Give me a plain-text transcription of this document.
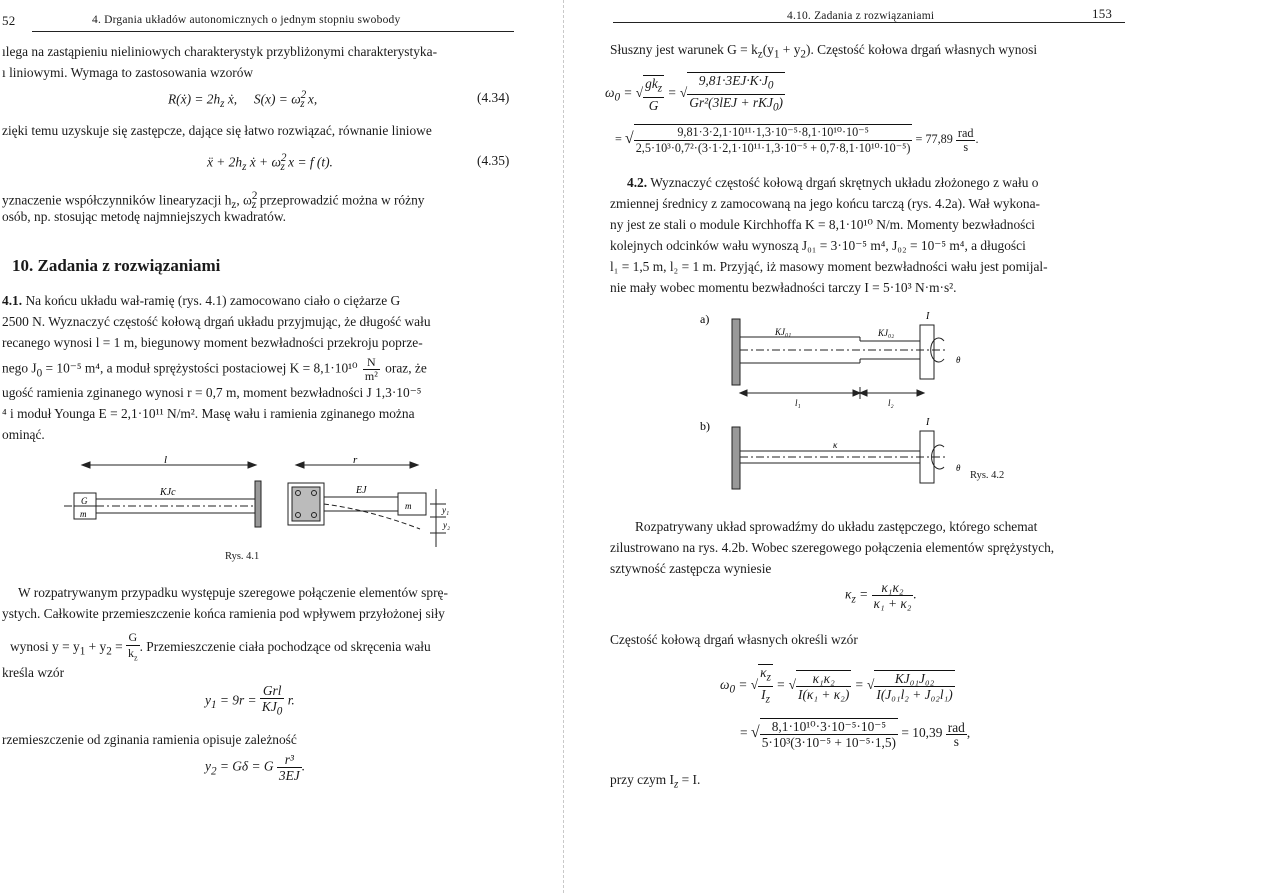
52	4. Drgania układów autonomicznych o jednym stopniu swobody
ılega na zastąpieniu nieliniowych charakterystyk przybliżonymi charakterystyka-
ı liniowymi. Wymaga to zastosowania wzorów
R(ẋ) = $2h_z$ ẋ, $S(x) = \omega^2_z$ x,	(4.34)
zięki temu uzyskuje się zastępcze, dające się łatwo rozwiązać, równanie liniowe
ẍ + $2h_z$ ẋ + $\omega^2_z$ x = f (t).	(4.35)
yznaczenie współczynników linearyzacji $h_z$, $\omega^2_z$ przeprowadzić można w różny
osób, np. stosując metodę najmniejszych kwadratów.
10. Zadania z rozwiązaniami
4.1. Na końcu układu wał-ramię (rys. 4.1) zamocowano ciało o ciężarze G
2500 N. Wyznaczyć częstość kołową drgań układu przyjmując, że długość wału
recanego wynosi l = 1 m, biegunowy moment bezwładności przekroju poprze-
nego $J_0 = 10^{-5}$ m⁴, a moduł sprężystości postaciowej $K = 8,1\cdot 10^{10} \frac{N}{\text{m²}}$ oraz, że
ugość ramienia zginanego wynosi r = 0,7 m, moment bezwładności J 1,3·10⁻⁵
⁴ i moduł Younga E = 2,1·10¹¹ N/m². Masę wału i ramienia zginanego można
ominąć.
l	r
KJc	EJ
G
m
m	y₁
y₂
Rys. 4.1
W rozpatrywanym przypadku występuje szeregowe połączenie elementów sprę-
ystych. Całkowite przemieszczenie końca ramienia pod wpływem przyłożonej siły
wynosi $y = y_1 + y_2 = \frac{G}{k_z}$ . Przemieszczenie ciała pochodzące od skręcenia wału
kreśla wzór
$y_1 = 9r = \frac{\text{Grl}}{KJ_0} r$.
rzemieszczenie od zginania ramienia opisuje zależność
$y_2 = G\delta = G \frac{\text{r³}}{3EJ}$ .
4.10. Zadania z rozwiązaniami	153
Słuszny jest warunek $G = k_z(y_1 + y_2)$. Częstość kołowa drgań własnych wynosi
$\omega_0$ = √ $\frac{gk_z}{G}$ = √ $\frac{9,81\cdot 3EJ\cdot K\cdot J_0}{Gr^2(3lEJ + rKJ_0)}$
= √ $\frac{\text{9,81·3·2,1·10¹¹·1,3·10⁻⁵·8,1·10¹⁰·10⁻⁵}}{\text{2,5·10³·0,7²·(3·1·2,1·10¹¹·1,3·10⁻⁵ + 0,7·8,1·10¹⁰·10⁻⁵)}} = 77,89 \frac{\text{rad}}{s}$ .
4.2. Wyznaczyć częstość kołową drgań skrętnych układu złożonego z wału o
zmiennej średnicy z zamocowaną na jego końcu tarczą (rys. 4.2a). Wał wykona-
ny jest ze stali o module Kirchhoffa K = 8,1·10¹⁰ N/m. Momenty bezwładności
kolejnych odcinków wału wynoszą J₀₁ = 3·10⁻⁵ m⁴, J₀₂ = 10⁻⁵ m⁴, a długości
l₁ = 1,5 m, l₂ = 1 m. Przyjąć, iż masowy moment bezwładności wału jest pomijal-
nie mały wobec momentu bezwładności tarczy I = 5·10³ N·m·s².
a)
b)
KJ₀₁	KJ₀₂
I
I
θ
θ
l₁	l₂
κ
Rys. 4.2
Rozpatrywany układ sprowadźmy do układu zastępczego, którego schemat
zilustrowano na rys. 4.2b. Wobec szeregowego połączenia elementów sprężystych,
sztywność zastępcza wyniesie
$\kappa_z = \frac{\text{κ₁κ₂}}{\text{κ₁ + κ₂}}$ .
Częstość kołową drgań własnych określi wzór
$\omega_0$ = √ $\frac{\kappa_z}{I_z}$ = √ $\frac{\text{κ₁κ₂}}{\text{I(κ₁ + κ₂)}}$ = √ $\frac{\text{KJ₀₁J₀₂}}{\text{I(J₀₁l₂ + J₀₂l₁)}}$
= √ $\frac{\text{8,1·10¹⁰·3·10⁻⁵·10⁻⁵}}{\text{5·10³(3·10⁻⁵ + 10⁻⁵·1,5)}} = 10,39 \frac{\text{rad}}{s}$ ,
przy czym $I_z = I$.
